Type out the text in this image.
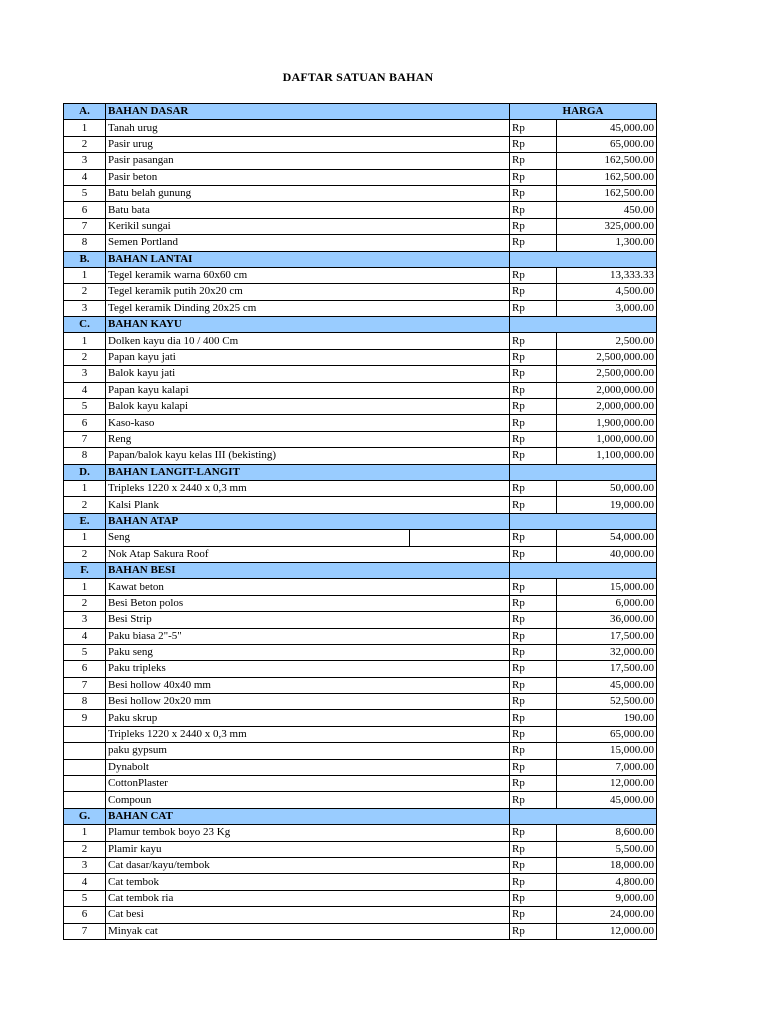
DAFTAR SATUAN BAHAN
A.	BAHAN DASAR	HARGA	
1	Tanah urug	Rp	45,000.00
2	Pasir urug	Rp	65,000.00
3	Pasir pasangan	Rp	162,500.00
4	Pasir beton	Rp	162,500.00
5	Batu belah gunung	Rp	162,500.00
6	Batu bata	Rp	450.00
7	Kerikil sungai	Rp	325,000.00
8	Semen Portland	Rp	1,300.00
B.	BAHAN LANTAI		
1	Tegel keramik warna 60x60 cm	Rp	13,333.33
2	Tegel keramik putih 20x20 cm	Rp	4,500.00
3	Tegel keramik Dinding 20x25 cm	Rp	3,000.00
C.	BAHAN KAYU		
1	Dolken kayu dia 10 / 400 Cm	Rp	2,500.00
2	Papan kayu jati	Rp	2,500,000.00
3	Balok kayu jati	Rp	2,500,000.00
4	Papan kayu kalapi	Rp	2,000,000.00
5	Balok kayu kalapi	Rp	2,000,000.00
6	Kaso-kaso	Rp	1,900,000.00
7	Reng	Rp	1,000,000.00
8	Papan/balok kayu kelas III (bekisting)	Rp	1,100,000.00
D.	BAHAN LANGIT-LANGIT		
1	Tripleks 1220 x 2440 x 0,3 mm	Rp	50,000.00
2	Kalsi Plank	Rp	19,000.00
E.	BAHAN ATAP		
1	Seng	Rp	54,000.00
2	Nok Atap Sakura Roof	Rp	40,000.00
F.	BAHAN BESI		
1	Kawat beton	Rp	15,000.00
2	Besi Beton polos	Rp	6,000.00
3	Besi Strip	Rp	36,000.00
4	Paku biasa 2"-5"	Rp	17,500.00
5	Paku seng	Rp	32,000.00
6	Paku tripleks	Rp	17,500.00
7	Besi hollow 40x40 mm	Rp	45,000.00
8	Besi hollow 20x20 mm	Rp	52,500.00
9	Paku skrup	Rp	190.00
	Tripleks 1220 x 2440 x 0,3 mm	Rp	65,000.00
	paku gypsum	Rp	15,000.00
	Dynabolt	Rp	7,000.00
	CottonPlaster	Rp	12,000.00
	Compoun	Rp	45,000.00
G.	BAHAN CAT		
1	Plamur tembok boyo 23 Kg	Rp	8,600.00
2	Plamir kayu	Rp	5,500.00
3	Cat dasar/kayu/tembok	Rp	18,000.00
4	Cat tembok	Rp	4,800.00
5	Cat tembok ria	Rp	9,000.00
6	Cat besi	Rp	24,000.00
7	Minyak cat	Rp	12,000.00
